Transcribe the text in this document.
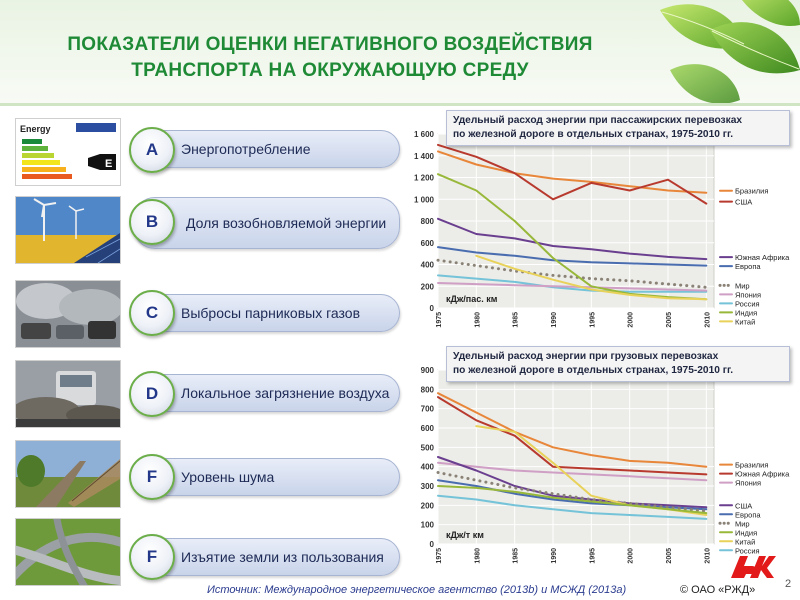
ПОКАЗАТЕЛИ ОЦЕНКИ НЕГАТИВНОГО ВОЗДЕЙСТВИЯ
ТРАНСПОРТА НА ОКРУЖАЮЩУЮ СРЕДУ
Energy
E
Энергопотребление
A
Доля возобновляемой энергии
B
Выбросы парниковых газов
C
Локальное загрязнение воздуха
D
Уровень шума
F
Изъятие земли из пользования
F
0
200
400
600
800
1 000
1 200
1 400
1 600
1975	1980	1985	1990	1995	2000	2005	2010
кДж/пас. км
Бразилия
США
Южная Африка
Европа
Мир
Япония
Россия
Индия
Китай
Удельный расход энергии при пассажирских перевозках
по железной дороге в отдельных странах, 1975-2010 гг.
0
100
200
300
400
500
600
700
800
900
1975	1980	1985	1990	1995	2000	2005	2010
кДж/т км
Бразилия
Южная Африка
Япония
США
Европа
Мир
Индия
Китай
Россия
Удельный расход энергии при грузовых перевозках
по железной дороге в отдельных странах, 1975-2010 гг.
Источник: Международное энергетическое агентство (2013b) и МСЖД (2013a)	© ОАО «РЖД»	2
